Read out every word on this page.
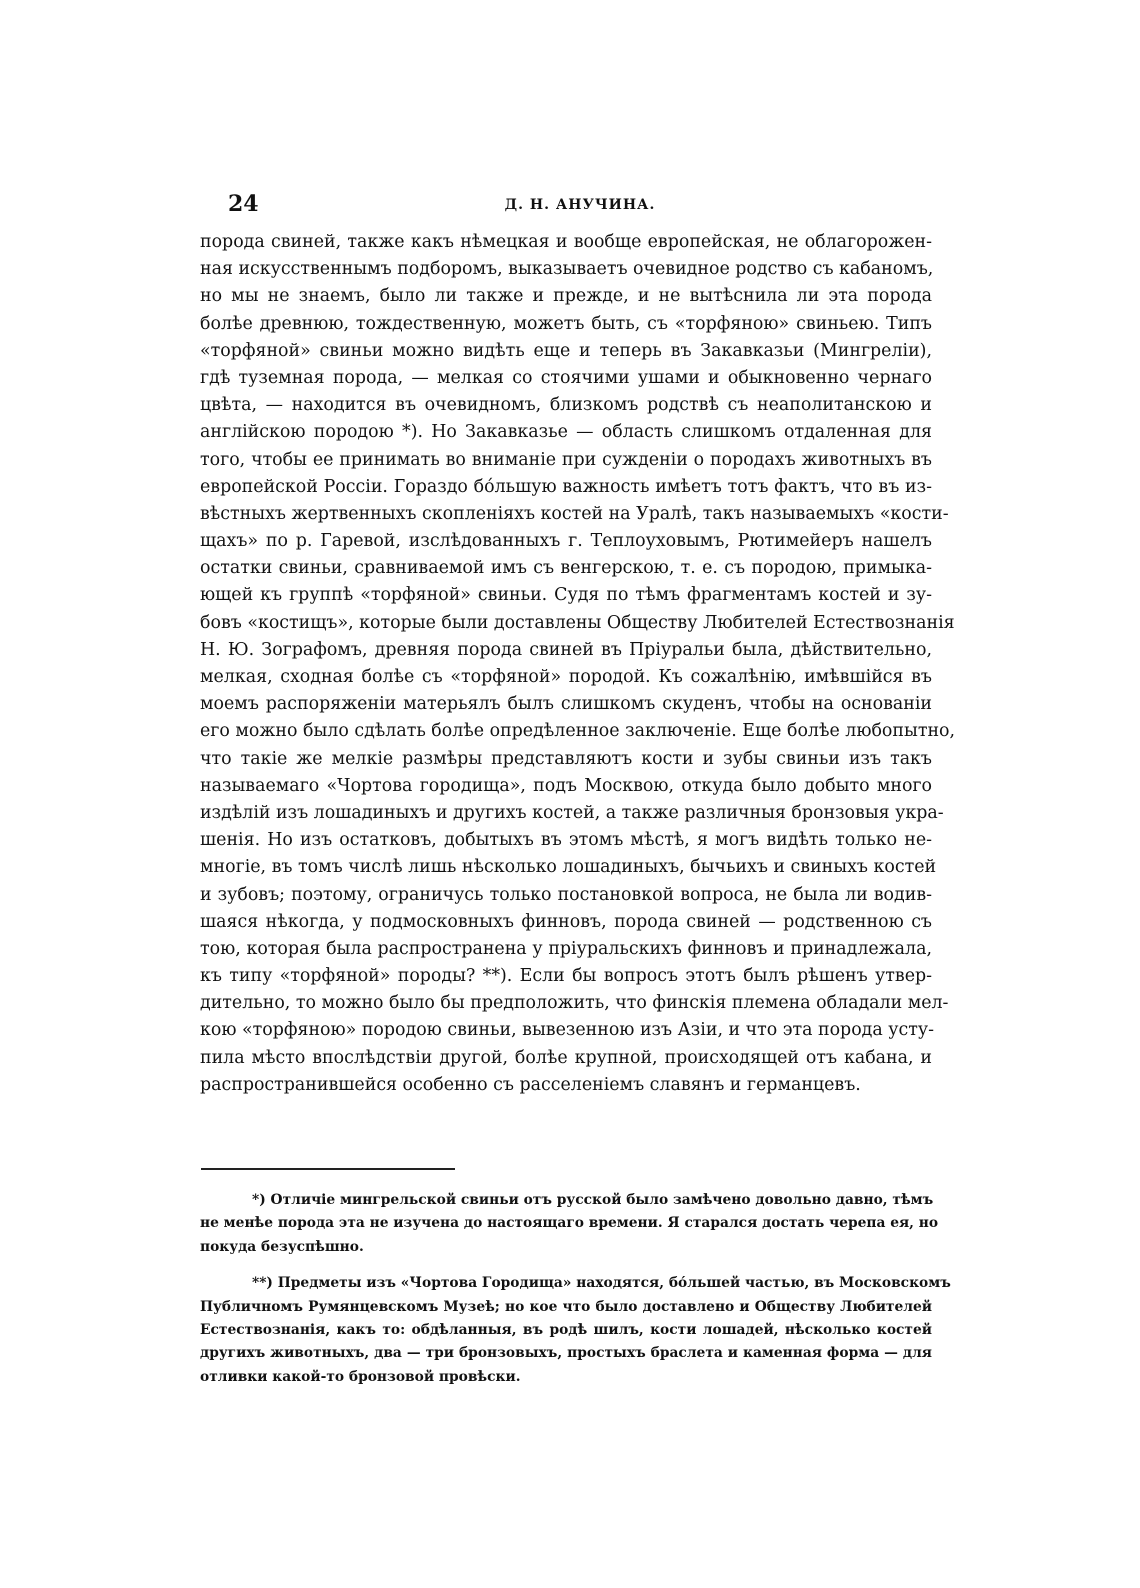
24	Д. Н. АНУЧИНА.
порода свиней, также какъ нѣмецкая и вообще европейская, не облагорожен-
ная искусственнымъ подборомъ, выказываетъ очевидное родство съ кабаномъ,
но мы не знаемъ, было ли также и прежде, и не вытѣснила ли эта порода
болѣе древнюю, тождественную, можетъ быть, съ «торфяною» свиньею. Типъ
«торфяной» свиньи можно видѣть еще и теперь въ Закавказьи (Мингреліи),
гдѣ туземная порода, — мелкая со стоячими ушами и обыкновенно чернаго
цвѣта, — находится въ очевидномъ, близкомъ родствѣ съ неаполитанскою и
англійскою породою *). Но Закавказье — область слишкомъ отдаленная для
того, чтобы ее принимать во вниманіе при сужденіи о породахъ животныхъ въ
европейской Россіи. Гораздо бо́льшую важность имѣетъ тотъ фактъ, что въ из-
вѣстныхъ жертвенныхъ скопленіяхъ костей на Уралѣ, такъ называемыхъ «кости-
щахъ» по р. Гаревой, изслѣдованныхъ г. Теплоуховымъ, Рютимейеръ нашелъ
остатки свиньи, сравниваемой имъ съ венгерскою, т. е. съ породою, примыка-
ющей къ группѣ «торфяной» свиньи. Судя по тѣмъ фрагментамъ костей и зу-
бовъ «костищъ», которые были доставлены Обществу Любителей Естествознанія
Н. Ю. Зографомъ, древняя порода свиней въ Пріуральи была, дѣйствительно,
мелкая, сходная болѣе съ «торфяной» породой. Къ сожалѣнію, имѣвшійся въ
моемъ распоряженіи матерьялъ былъ слишкомъ скуденъ, чтобы на основаніи
его можно было сдѣлать болѣе опредѣленное заключеніе. Еще болѣе любопытно,
что такіе же мелкіе размѣры представляютъ кости и зубы свиньи изъ такъ
называемаго «Чортова городища», подъ Москвою, откуда было добыто много
издѣлій изъ лошадиныхъ и другихъ костей, а также различныя бронзовыя укра-
шенія. Но изъ остатковъ, добытыхъ въ этомъ мѣстѣ, я могъ видѣть только не-
многіе, въ томъ числѣ лишь нѣсколько лошадиныхъ, бычьихъ и свиныхъ костей
и зубовъ; поэтому, ограничусь только постановкой вопроса, не была ли водив-
шаяся нѣкогда, у подмосковныхъ финновъ, порода свиней — родственною съ
тою, которая была распространена у пріуральскихъ финновъ и принадлежала,
къ типу «торфяной» породы? **). Если бы вопросъ этотъ былъ рѣшенъ утвер-
дительно, то можно было бы предположить, что финскія племена обладали мел-
кою «торфяною» породою свиньи, вывезенною изъ Азіи, и что эта порода усту-
пила мѣсто впослѣдствіи другой, болѣе крупной, происходящей отъ кабана, и
распространившейся особенно съ расселеніемъ славянъ и германцевъ.
*) Отличіе мингрельской свиньи отъ русской было замѣчено довольно давно, тѣмъ
не менѣе порода эта не изучена до настоящаго времени. Я старался достать черепа ея, но
покуда безуспѣшно.
**) Предметы изъ «Чортова Городища» находятся, бо́льшей частью, въ Московскомъ
Публичномъ Румянцевскомъ Музеѣ; но кое что было доставлено и Обществу Любителей
Естествознанія, какъ то: обдѣланныя, въ родѣ шилъ, кости лошадей, нѣсколько костей
другихъ животныхъ, два — три бронзовыхъ, простыхъ браслета и каменная форма — для
отливки какой-то бронзовой провѣски.
